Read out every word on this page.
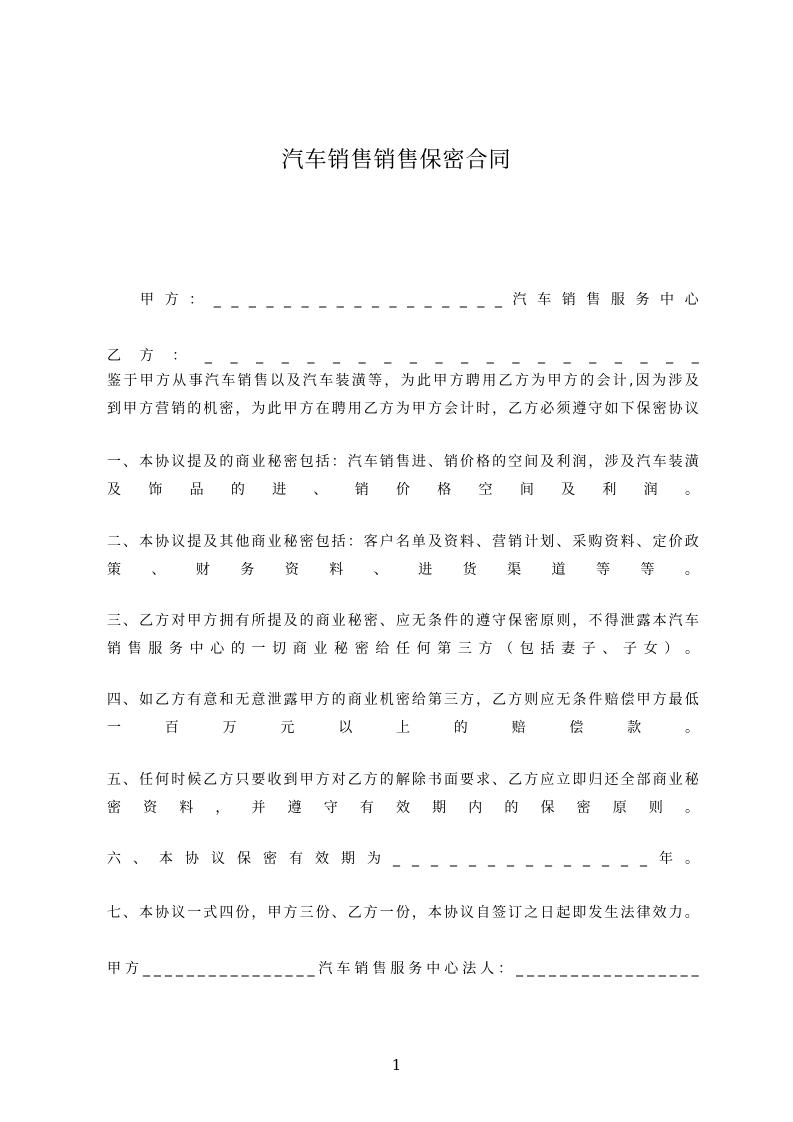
汽车销售销售保密合同
甲 方 ： _ _ _ _ _ _ _ _ _ _ _ _ _ _ _ _ _ 汽 车 销 售 服 务 中 心
乙 方 ： _ _ _ _ _ _ _ _ _ _ _ _ _ _ _ _ _ _ _ _
鉴 于 甲 方 从 事 汽 车 销 售 以 及 汽 车 装 潢 等 ， 为 此 甲 方 聘 用 乙 方 为 甲 方 的 会 计 , 因 为 涉 及
到 甲 方 营 销 的 机 密 ， 为 此 甲 方 在 聘 用 乙 方 为 甲 方 会 计 时 ， 乙 方 必 须 遵 守 如 下 保 密 协 议
一 、 本 协 议 提 及 的 商 业 秘 密 包 括 ： 汽 车 销 售 进 、 销 价 格 的 空 间 及 利 润 ， 涉 及 汽 车 装 潢
及 饰 品 的 进 、 销 价 格 空 间 及 利 润 。
二 、 本 协 议 提 及 其 他 商 业 秘 密 包 括 ： 客 户 名 单 及 资 料 、 营 销 计 划 、 采 购 资 料 、 定 价 政
策 、 财 务 资 料 、 进 货 渠 道 等 等 。
三 、 乙 方 对 甲 方 拥 有 所 提 及 的 商 业 秘 密 、 应 无 条 件 的 遵 守 保 密 原 则 ， 不 得 泄 露 本 汽 车
销 售 服 务 中 心 的 一 切 商 业 秘 密 给 任 何 第 三 方 （ 包 括 妻 子 、 子 女 ） 。
四 、 如 乙 方 有 意 和 无 意 泄 露 甲 方 的 商 业 机 密 给 第 三 方 ， 乙 方 则 应 无 条 件 赔 偿 甲 方 最 低
一	百	万	元	以	上	的	赔	偿	款	。
五 、 任 何 时 候 乙 方 只 要 收 到 甲 方 对 乙 方 的 解 除 书 面 要 求 、 乙 方 应 立 即 归 还 全 部 商 业 秘
密 资 料 ， 并 遵 守 有 效 期 内 的 保 密 原 则 。
六 、 本 协 议 保 密 有 效 期 为 _ _ _ _ _ _ _ _ _ _ _ _ _ _ 年 。
七 、 本 协 议 一 式 四 份 ， 甲 方 三 份 、 乙 方 一 份 ， 本 协 议 自 签 订 之 日 起 即 发 生 法 律 效 力 。
甲 方 _ _ _ _ _ _ _ _ _ _ _ _ _ _ _ _ 汽 车 销 售 服 务 中 心 法 人 ： _ _ _ _ _ _ _ _ _ _ _ _ _ _ _ _ _
1
